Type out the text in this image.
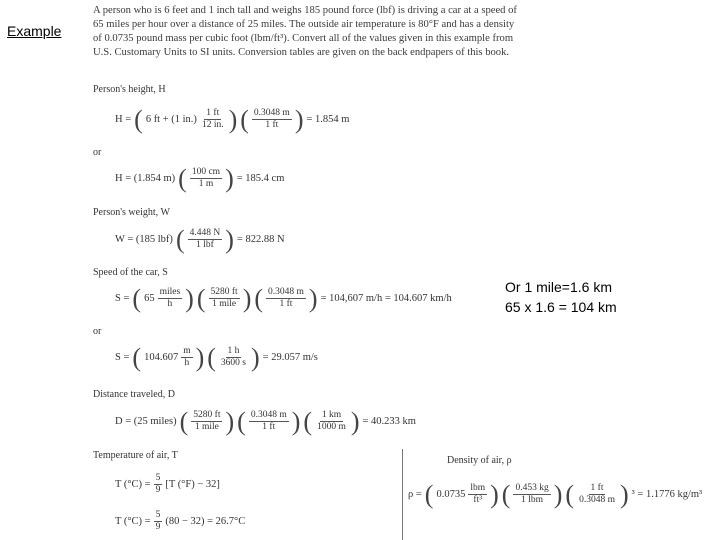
Example
A person who is 6 feet and 1 inch tall and weighs 185 pound force (lbf) is driving a car at a speed of 65 miles per hour over a distance of 25 miles. The outside air temperature is 80°F and has a density of 0.0735 pound mass per cubic foot (lbm/ft³). Convert all of the values given in this example from U.S. Customary Units to SI units. Conversion tables are given on the back endpapers of this book.
Person's height, H
H = ( 6 ft + (1 $in.) \frac{1 ft}{12 in.}$ ) ( $\frac{0.3048 m}{1 ft}$ ) = 1.854 m
or
H = (1.854 m) ( $\frac{100 cm}{1 m}$ ) = 185.4 cm
Person's weight, W
W = (185 lbf) ( $\frac{4.448 N}{\text{1 lbf}}$ ) = 822.88 N
Speed of the car, S
S = ( $65 \frac{\text{miles}}{h}$ ) ( $\frac{5280 ft}{\text{1 mile}}$ ) ( $\frac{0.3048 m}{1 ft}$ ) = 104,607 m/h = 104.607 km/h
or
S = ( $104.607 \frac{m}{h}$ ) ( $\frac{1 h}{3600 s}$ ) = 29.057 m/s
Distance traveled, D
D = (25 miles) ( $\frac{5280 ft}{\text{1 mile}}$ ) ( $\frac{0.3048 m}{1 ft}$ ) ( $\frac{1 km}{1000 m}$ ) = 40.233 km
Temperature of air, T
T $(^\circ C) = \frac{5}{9} [T$ (°F) − 32]
T $(^\circ C) = \frac{5}{9} (80 - 32) = 26.7^\circ C$
Density of air, ρ
ρ = ( $0.0735 \frac{\text{lbm}}{\text{ft³}}$ ) ( $\frac{0.453 kg}{\text{1 lbm}}$ ) ( $\frac{1 ft}{0.3048 m}$ ) ³ = 1.1776 kg/m³
Or 1 mile=1.6 km
65 x 1.6 = 104 km
